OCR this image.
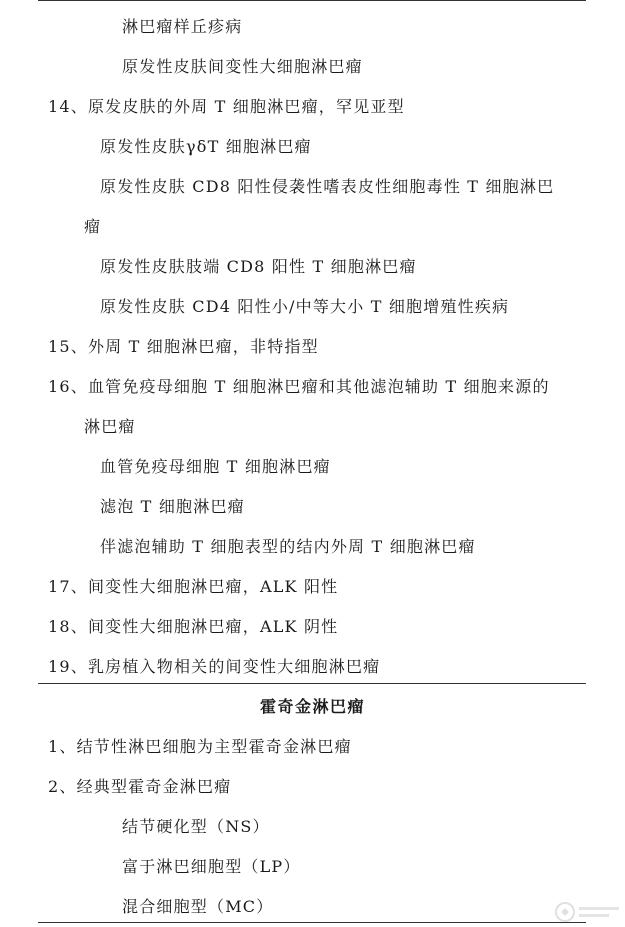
淋巴瘤样丘疹病
原发性皮肤间变性大细胞淋巴瘤
14、原发皮肤的外周 T 细胞淋巴瘤，罕见亚型
原发性皮肤γδT 细胞淋巴瘤
原发性皮肤 CD8 阳性侵袭性嗜表皮性细胞毒性 T 细胞淋巴
瘤
原发性皮肤肢端 CD8 阳性 T 细胞淋巴瘤
原发性皮肤 CD4 阳性小/中等大小 T 细胞增殖性疾病
15、外周 T 细胞淋巴瘤，非特指型
16、血管免疫母细胞 T 细胞淋巴瘤和其他滤泡辅助 T 细胞来源的
淋巴瘤
血管免疫母细胞 T 细胞淋巴瘤
滤泡 T 细胞淋巴瘤
伴滤泡辅助 T 细胞表型的结内外周 T 细胞淋巴瘤
17、间变性大细胞淋巴瘤，ALK 阳性
18、间变性大细胞淋巴瘤，ALK 阴性
19、乳房植入物相关的间变性大细胞淋巴瘤
霍奇金淋巴瘤
1、结节性淋巴细胞为主型霍奇金淋巴瘤
2、经典型霍奇金淋巴瘤
结节硬化型（NS）
富于淋巴细胞型（LP）
混合细胞型（MC）
